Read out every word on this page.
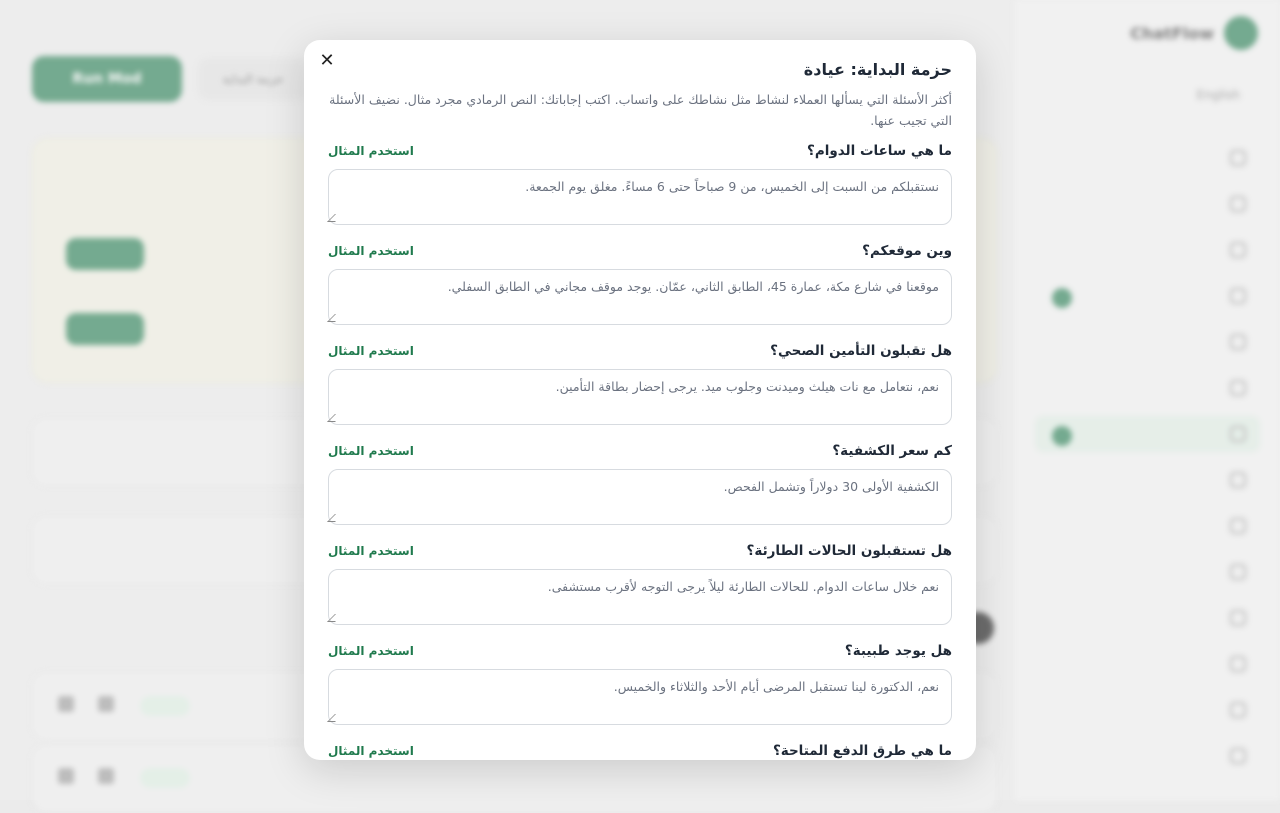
ChatFlow
English
Run Mod	حزمة البداية
✕	حزمة البداية: عيادة
أكثر الأسئلة التي يسألها العملاء لنشاط مثل نشاطك على واتساب. اكتب إجاباتك: النص الرمادي مجرد مثال. نضيف الأسئلة التي تجيب عنها.
ما هي ساعات الدوام؟
استخدم المثال
نستقبلكم من السبت إلى الخميس، من 9 صباحاً حتى 6 مساءً. مغلق يوم الجمعة.
وين موقعكم؟
استخدم المثال
موقعنا في شارع مكة، عمارة 45، الطابق الثاني، عمّان. يوجد موقف مجاني في الطابق السفلي.
هل تقبلون التأمين الصحي؟
استخدم المثال
نعم، نتعامل مع نات هيلث وميدنت وجلوب ميد. يرجى إحضار بطاقة التأمين.
كم سعر الكشفية؟
استخدم المثال
الكشفية الأولى 30 دولاراً وتشمل الفحص.
هل تستقبلون الحالات الطارئة؟
استخدم المثال
نعم خلال ساعات الدوام. للحالات الطارئة ليلاً يرجى التوجه لأقرب مستشفى.
هل يوجد طبيبة؟
استخدم المثال
نعم، الدكتورة لينا تستقبل المرضى أيام الأحد والثلاثاء والخميس.
ما هي طرق الدفع المتاحة؟
استخدم المثال
